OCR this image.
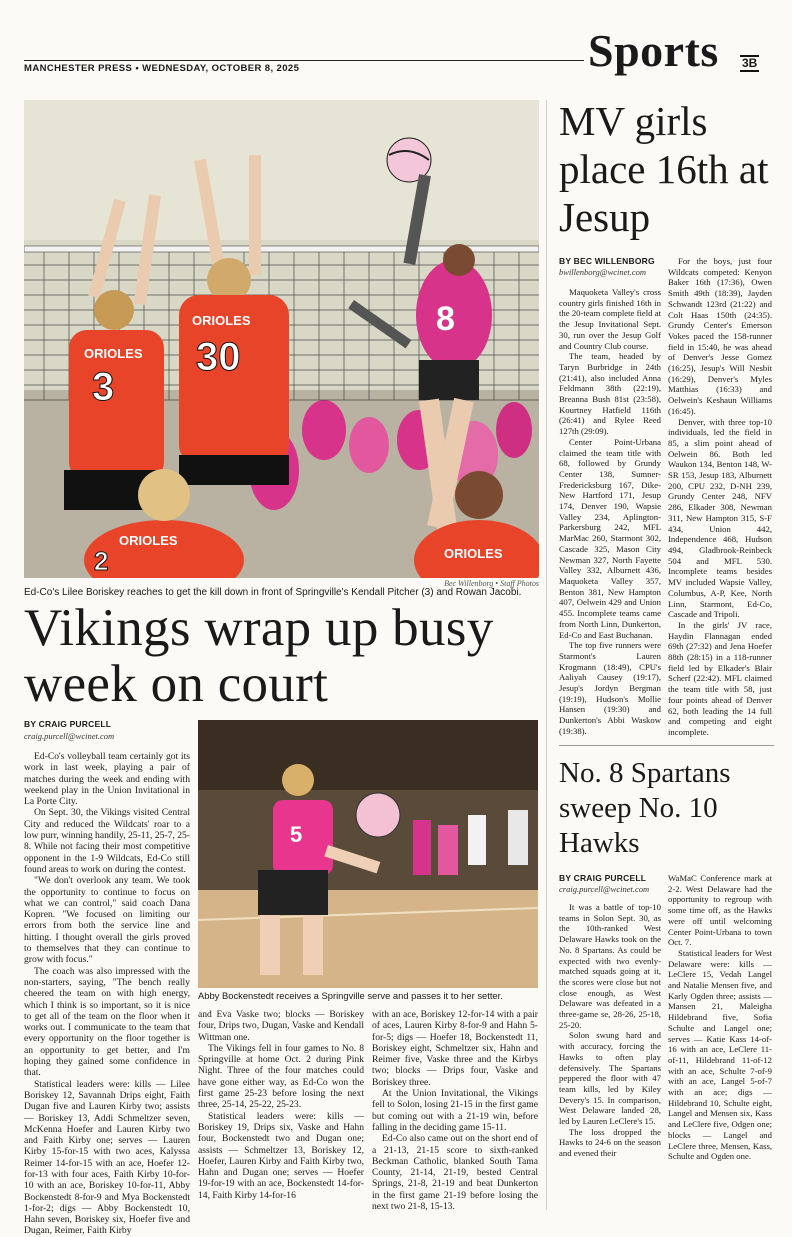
MANCHESTER PRESS • WEDNESDAY, OCTOBER 8, 2025	Sports 3B
8
ORIOLES
3
ORIOLES
30
ORIOLES
2	ORIOLES
Bec Willenborg • Staff Photos
Ed-Co's Lilee Boriskey reaches to get the kill down in front of Springville's Kendall Pitcher (3) and Rowan Jacobi.
Vikings wrap up busy week on court
BY CRAIG PURCELL
craig.purcell@wcinet.com

Ed-Co's volleyball team certainly got its work in last week, playing a pair of matches during the week and ending with weekend play in the Union Invitational in La Porte City.

On Sept. 30, the Vikings visited Central City and reduced the Wildcats' roar to a low purr, winning handily, 25-11, 25-7, 25-8. While not facing their most competitive opponent in the 1-9 Wildcats, Ed-Co still found areas to work on during the contest.

"We don't overlook any team. We took the opportunity to continue to focus on what we can control," said coach Dana Kopren. "We focused on limiting our errors from both the service line and hitting. I thought overall the girls proved to themselves that they can continue to grow with focus."

The coach was also impressed with the non-starters, saying, "The bench really cheered the team on with high energy, which I think is so important, so it is nice to get all of the team on the floor when it works out. I communicate to the team that every opportunity on the floor together is an opportunity to get better, and I'm hoping they gained some confidence in that.

Statistical leaders were: kills — Lilee Boriskey 12, Savannah Drips eight, Faith Dugan five and Lauren Kirby two; assists — Boriskey 13, Addi Schmeltzer seven, McKenna Hoefer and Lauren Kirby two and Faith Kirby one; serves — Lauren Kirby 15-for-15 with two aces, Kalyssa Reimer 14-for-15 with an ace, Hoefer 12-for-13 with four aces, Faith Kirby 10-for-10 with an ace, Boriskey 10-for-11, Abby Bockenstedt 8-for-9 and Mya Bockenstedt 1-for-2; digs — Abby Bockenstedt 10, Hahn seven, Boriskey six, Hoefer five and Dugan, Reimer, Faith Kirby

5
Abby Bockenstedt receives a Springville serve and passes it to her setter.

and Eva Vaske two; blocks — Boriskey four, Drips two, Dugan, Vaske and Kendall Wittman one.

The Vikings fell in four games to No. 8 Springville at home Oct. 2 during Pink Night. Three of the four matches could have gone either way, as Ed-Co won the first game 25-23 before losing the next three, 25-14, 25-22, 25-23.

Statistical leaders were: kills — Boriskey 19, Drips six, Vaske and Hahn four, Bockenstedt two and Dugan one; assists — Schmeltzer 13, Boriskey 12, Hoefer, Lauren Kirby and Faith Kirby two, Hahn and Dugan one; serves — Hoefer 19-for-19 with an ace, Bockenstedt 14-for-14, Faith Kirby 14-for-16

with an ace, Boriskey 12-for-14 with a pair of aces, Lauren Kirby 8-for-9 and Hahn 5-for-5; digs — Hoefer 18, Bockenstedt 11, Boriskey eight, Schmeltzer six, Hahn and Reimer five, Vaske three and the Kirbys two; blocks — Drips four, Vaske and Boriskey three.

At the Union Invitational, the Vikings fell to Solon, losing 21-15 in the first game but coming out with a 21-19 win, before falling in the deciding game 15-11.

Ed-Co also came out on the short end of a 21-13, 21-15 score to sixth-ranked Beckman Catholic, blanked South Tama County, 21-14, 21-19, bested Central Springs, 21-8, 21-19 and beat Dunkerton in the first game 21-19 before losing the next two 21-8, 15-13.

MV girls place 16th at Jesup
BY BEC WILLENBORG
bwillenborg@wcinet.com

Maquoketa Valley's cross country girls finished 16th in the 20-team complete field at the Jesup Invitational Sept. 30, run over the Jesup Golf and Country Club course.

The team, headed by Taryn Burbridge in 24th (21:41), also included Anna Feldmann 38th (22:19), Breanna Bush 81st (23:58), Kourtney Hatfield 116th (26:41) and Rylee Reed 127th (29:09).

Center Point-Urbana claimed the team title with 68, followed by Grundy Center 138, Sumner-Fredericksburg 167, Dike-New Hartford 171, Jesup 174, Denver 190, Wapsie Valley 234, Aplington-Parkersburg 242, MFL MarMac 260, Starmont 302, Cascade 325, Mason City Newman 327, North Fayette Valley 332, Alburnett 436, Maquoketa Valley 357, Benton 381, New Hampton 407, Oelwein 429 and Union 455. Incomplete teams came from North Linn, Dunkerton, Ed-Co and East Buchanan.

The top five runners were Starmont's Lauren Krogmann (18:49), CPU's Aaliyah Causey (19:17), Jesup's Jordyn Bergman (19:19), Hudson's Mollie Hansen (19:30) and Dunkerton's Abbi Waskow (19:38).

For the boys, just four Wildcats competed: Kenyon Baker 16th (17:36), Owen Smith 49th (18:39), Jayden Schwandt 123rd (21:22) and Colt Haas 150th (24:35). Grundy Center's Emerson Vokes paced the 158-runner field in 15:40, he was ahead of Denver's Jesse Gomez (16:25), Jesup's Will Nesbit (16:29), Denver's Myles Matthias (16:33) and Oelwein's Keshaun Williams (16:45).

Denver, with three top-10 individuals, led the field in 85, a slim point ahead of Oelwein 86. Both led Waukon 134, Benton 148, W-SR 153, Jesup 183, Alburnett 200, CPU 232, D-NH 239, Grundy Center 248, NFV 286, Elkader 308, Newman 311, New Hampton 315, S-F 434, Union 442, Independence 468, Hudson 494, Gladbrook-Reinbeck 504 and MFL 530. Incomplete teams besides MV included Wapsie Valley, Columbus, A-P, Kee, North Linn, Starmont, Ed-Co, Cascade and Tripoli.

In the girls' JV race, Haydin Flannagan ended 69th (27:32) and Jena Hoefer 88th (28:15) in a 118-runner field led by Elkader's Blair Scherf (22:42). MFL claimed the team title with 58, just four points ahead of Denver 62, both leading the 14 full and competing and eight incomplete.

No. 8 Spartans sweep No. 10 Hawks
BY CRAIG PURCELL
craig.purcell@wcinet.com

It was a battle of top-10 teams in Solon Sept. 30, as the 10th-ranked West Delaware Hawks took on the No. 8 Spartans. As could be expected with two evenly-matched squads going at it, the scores were close but not close enough, as West Delaware was defeated in a three-game se, 28-26, 25-18, 25-20.

Solon swung hard and with accuracy, forcing the Hawks to often play defensively. The Spartans peppered the floor with 47 team kills, led by Kiley Devery's 15. In comparison, West Delaware landed 28, led by Lauren LeClere's 15.

The loss dropped the Hawks to 24-6 on the season and evened their

WaMaC Conference mark at 2-2. West Delaware had the opportunity to regroup with some time off, as the Hawks were off until welcoming Center Point-Urbana to town Oct. 7.

Statistical leaders for West Delaware were: kills — LeClere 15, Vedah Langel and Natalie Mensen five, and Karly Ogden three; assists — Mansen 21, Maleigha Hildebrand five, Sofia Schulte and Langel one; serves — Katie Kass 14-of-16 with an ace, LeClere 11-of-11, Hildebrand 11-of-12 with an ace, Schulte 7-of-9 with an ace, Langel 5-of-7 with an ace; digs — Hildebrand 10, Schulte eight, Langel and Mensen six, Kass and LeClere five, Odgen one; blocks — Langel and LeClere three, Mensen, Kass, Schulte and Ogden one.
